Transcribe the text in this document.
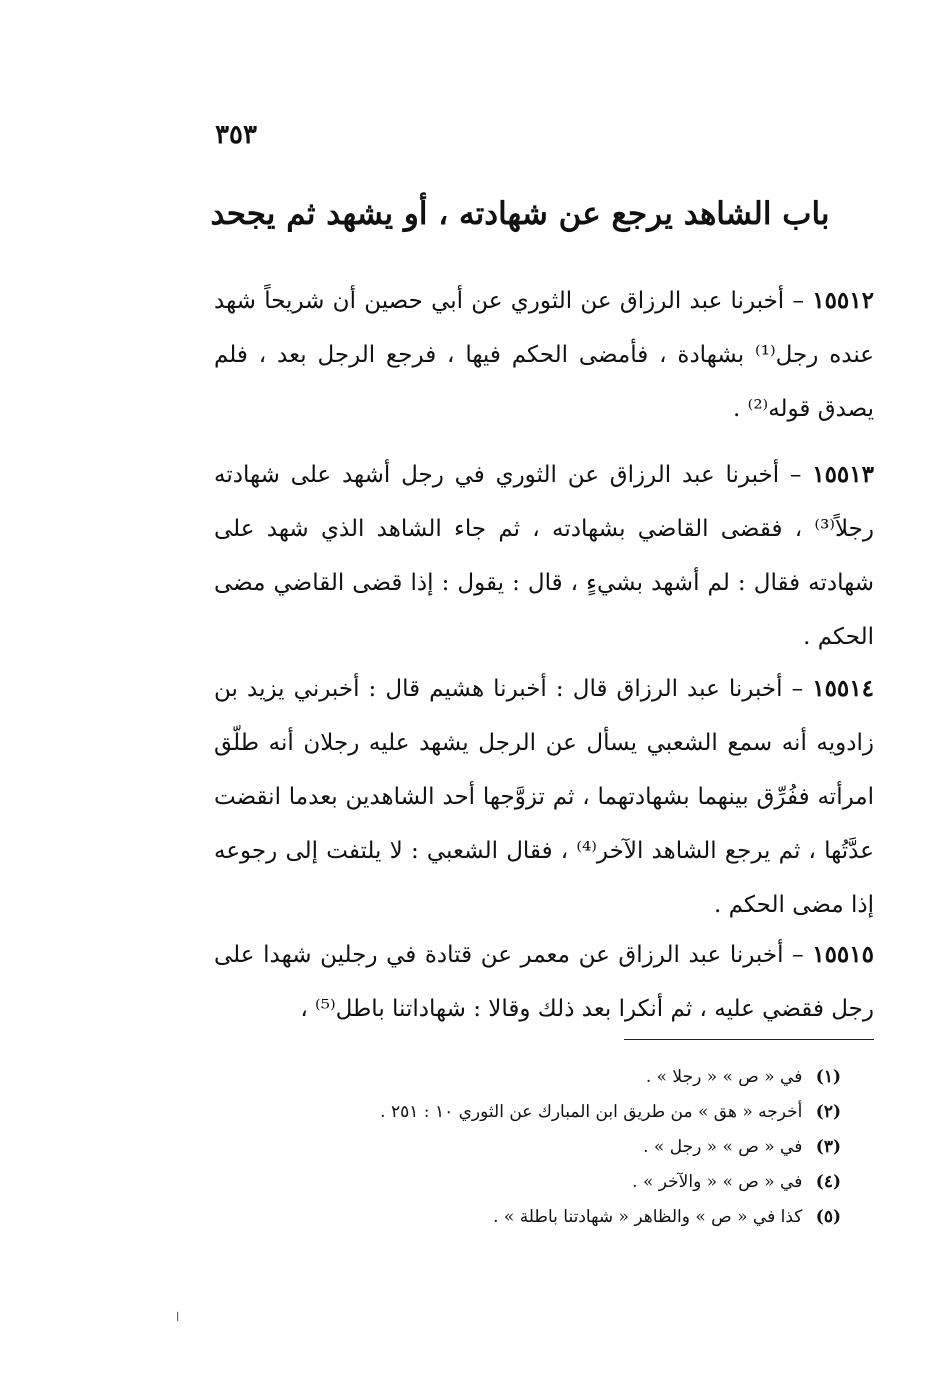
٣٥٣
باب الشاهد يرجع عن شهادته ، أو يشهد ثم يجحد
١٥٥١٢ – أخبرنا عبد الرزاق عن الثوري عن أبي حصين أن شريحاً شهد عنده رجل⁽¹⁾ بشهادة ، فأمضى الحكم فيها ، فرجع الرجل بعد ، فلم يصدق قوله⁽²⁾ .
١٥٥١٣ – أخبرنا عبد الرزاق عن الثوري في رجل أشهد على شهادته رجلاً⁽³⁾ ، فقضى القاضي بشهادته ، ثم جاء الشاهد الذي شهد على شهادته فقال : لم أشهد بشيءٍ ، قال : يقول : إذا قضى القاضي مضى الحكم .
١٥٥١٤ – أخبرنا عبد الرزاق قال : أخبرنا هشيم قال : أخبرني يزيد بن زادويه أنه سمع الشعبي يسأل عن الرجل يشهد عليه رجلان أنه طلّق امرأته ففُرِّق بينهما بشهادتهما ، ثم تزوَّجها أحد الشاهدين بعدما انقضت عدَّتُها ، ثم يرجع الشاهد الآخر⁽⁴⁾ ، فقال الشعبي : لا يلتفت إلى رجوعه إذا مضى الحكم .
١٥٥١٥ – أخبرنا عبد الرزاق عن معمر عن قتادة في رجلين شهدا على رجل فقضي عليه ، ثم أنكرا بعد ذلك وقالا : شهاداتنا باطل⁽⁵⁾ ،
(١) في « ص » « رجلا » .
(٢) أخرجه « هق » من طريق ابن المبارك عن الثوري ١٠ : ٢٥١ .
(٣) في « ص » « رجل » .
(٤) في « ص » « والآخر » .
(٥) كذا في « ص » والظاهر « شهادتنا باطلة » .
ا
